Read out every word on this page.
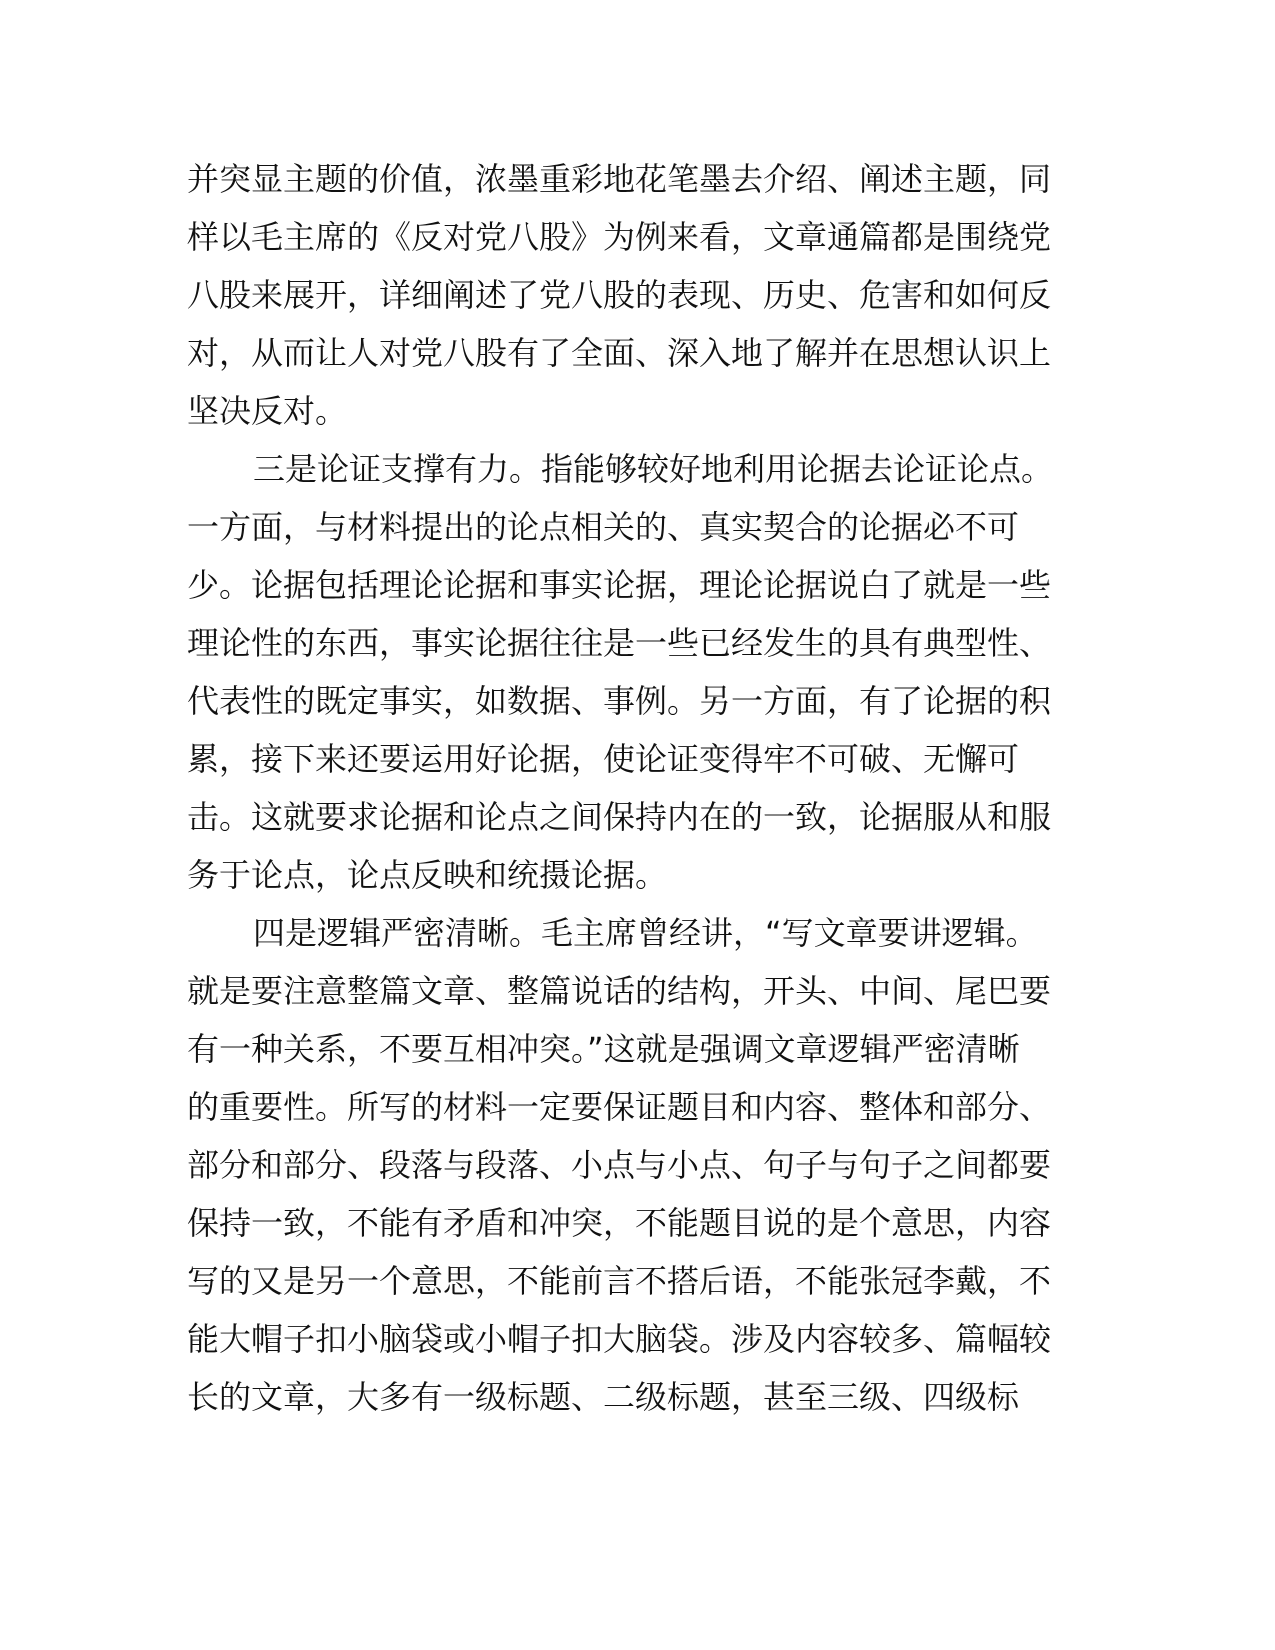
并突显主题的价值，浓墨重彩地花笔墨去介绍、阐述主题，同
样以毛主席的《反对党八股》为例来看，文章通篇都是围绕党
八股来展开，详细阐述了党八股的表现、历史、危害和如何反
对，从而让人对党八股有了全面、深入地了解并在思想认识上
坚决反对。
三是论证支撑有力。指能够较好地利用论据去论证论点。
一方面，与材料提出的论点相关的、真实契合的论据必不可
少。论据包括理论论据和事实论据，理论论据说白了就是一些
理论性的东西，事实论据往往是一些已经发生的具有典型性、
代表性的既定事实，如数据、事例。另一方面，有了论据的积
累，接下来还要运用好论据，使论证变得牢不可破、无懈可
击。这就要求论据和论点之间保持内在的一致，论据服从和服
务于论点，论点反映和统摄论据。
四是逻辑严密清晰。毛主席曾经讲，“写文章要讲逻辑。
就是要注意整篇文章、整篇说话的结构，开头、中间、尾巴要
有一种关系，不要互相冲突。”这就是强调文章逻辑严密清晰
的重要性。所写的材料一定要保证题目和内容、整体和部分、
部分和部分、段落与段落、小点与小点、句子与句子之间都要
保持一致，不能有矛盾和冲突，不能题目说的是个意思，内容
写的又是另一个意思，不能前言不搭后语，不能张冠李戴，不
能大帽子扣小脑袋或小帽子扣大脑袋。涉及内容较多、篇幅较
长的文章，大多有一级标题、二级标题，甚至三级、四级标
